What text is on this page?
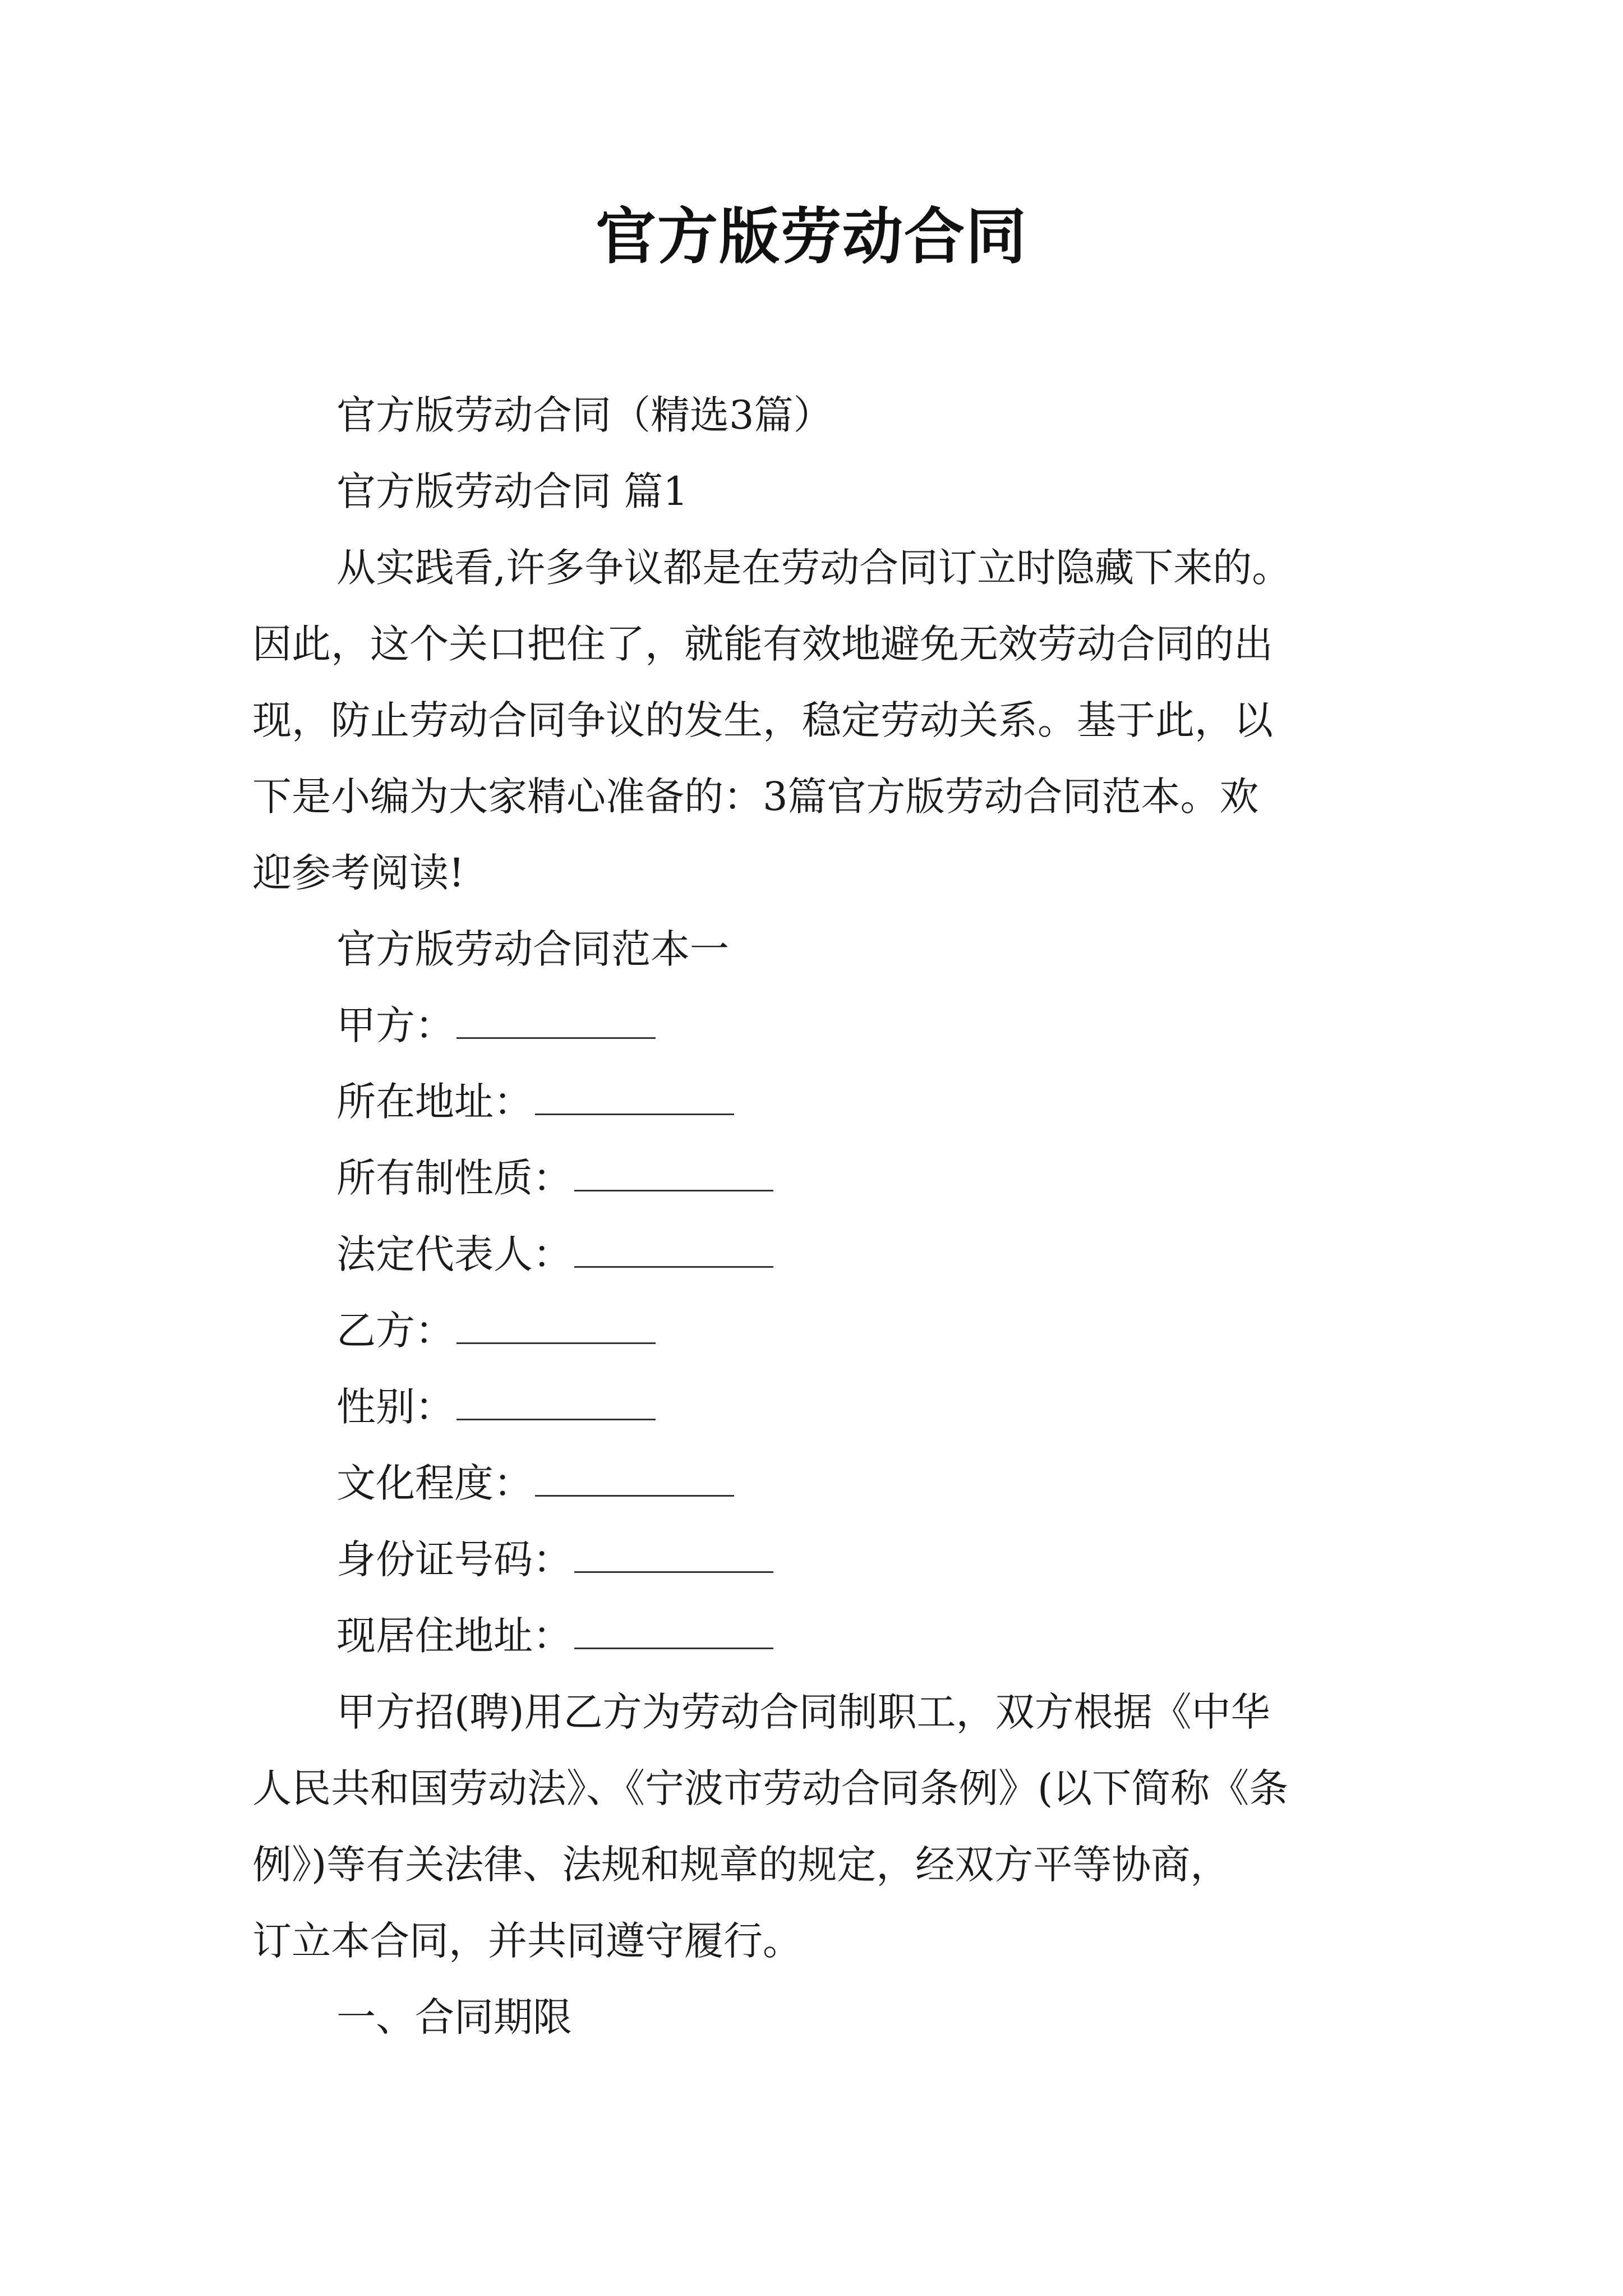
官方版劳动合同
官方版劳动合同（精选3篇）
官方版劳动合同 篇1
从实践看,许多争议都是在劳动合同订立时隐藏下来的。
因此，这个关口把住了，就能有效地避免无效劳动合同的出
现，防止劳动合同争议的发生，稳定劳动关系。基于此，以
下是小编为大家精心准备的：3篇官方版劳动合同范本。欢
迎参考阅读!
官方版劳动合同范本一
甲方：
所在地址：
所有制性质：
法定代表人：
乙方：
性别：
文化程度：
身份证号码：
现居住地址：
甲方招(聘)用乙方为劳动合同制职工，双方根据《中华
人民共和国劳动法》、《宁波市劳动合同条例》(以下简称《条
例》)等有关法律、法规和规章的规定，经双方平等协商，
订立本合同，并共同遵守履行。
一、合同期限
